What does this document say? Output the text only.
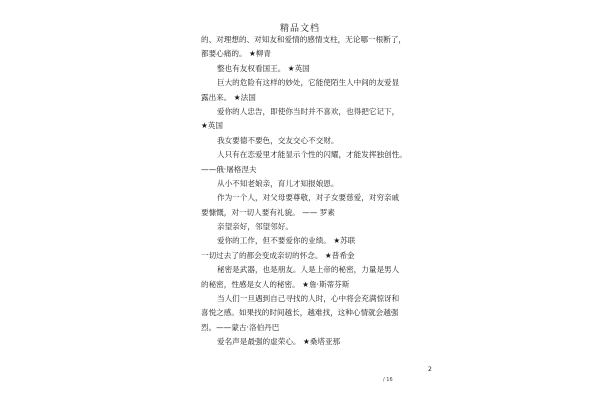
精品文档
的、对理想的、对知友和爱情的感情支柱，无论哪一根断了，
都要心痛的。 ★柳青
整也有友权看国王。 ★英国
巨大的危险有这样的妙处，它能使陌生人中间的友爱显
露出来。 ★法国
爱你的人忠告，即使你当时并不喜欢，也得把它记下，
★英国
我女要德不要色，交友交心不交财。
人只有在恋爱里才能显示个性的闪耀，才能发挥独创性。
——俄·屠格涅夫
从小不知老娘亲，育儿才知报娘恩。
作为一个人，对父母要尊敬，对子女要慈爱，对穷亲戚
要慷慨，对一切人要有礼貌。 —— 罗素
亲望亲好，邻望邻好。
爱你的工作，但不要爱你的业绩。 ★苏联
一切过去了的都会变成亲切的怀念。 ★普希金
秘密是武器，也是朋友。人是上帝的秘密，力量是男人
的秘密，性感是女人的秘密。 ★詹·斯蒂芬斯
当人们一旦遇到自己寻找的人时，心中将会充满惊讶和
喜悦之感。如果找的时间越长，越难找，这种心情就会越强
烈。——蒙古·洛伯丹巴
爱名声是最强的虚荣心。 ★桑塔亚那
2
/ 16
